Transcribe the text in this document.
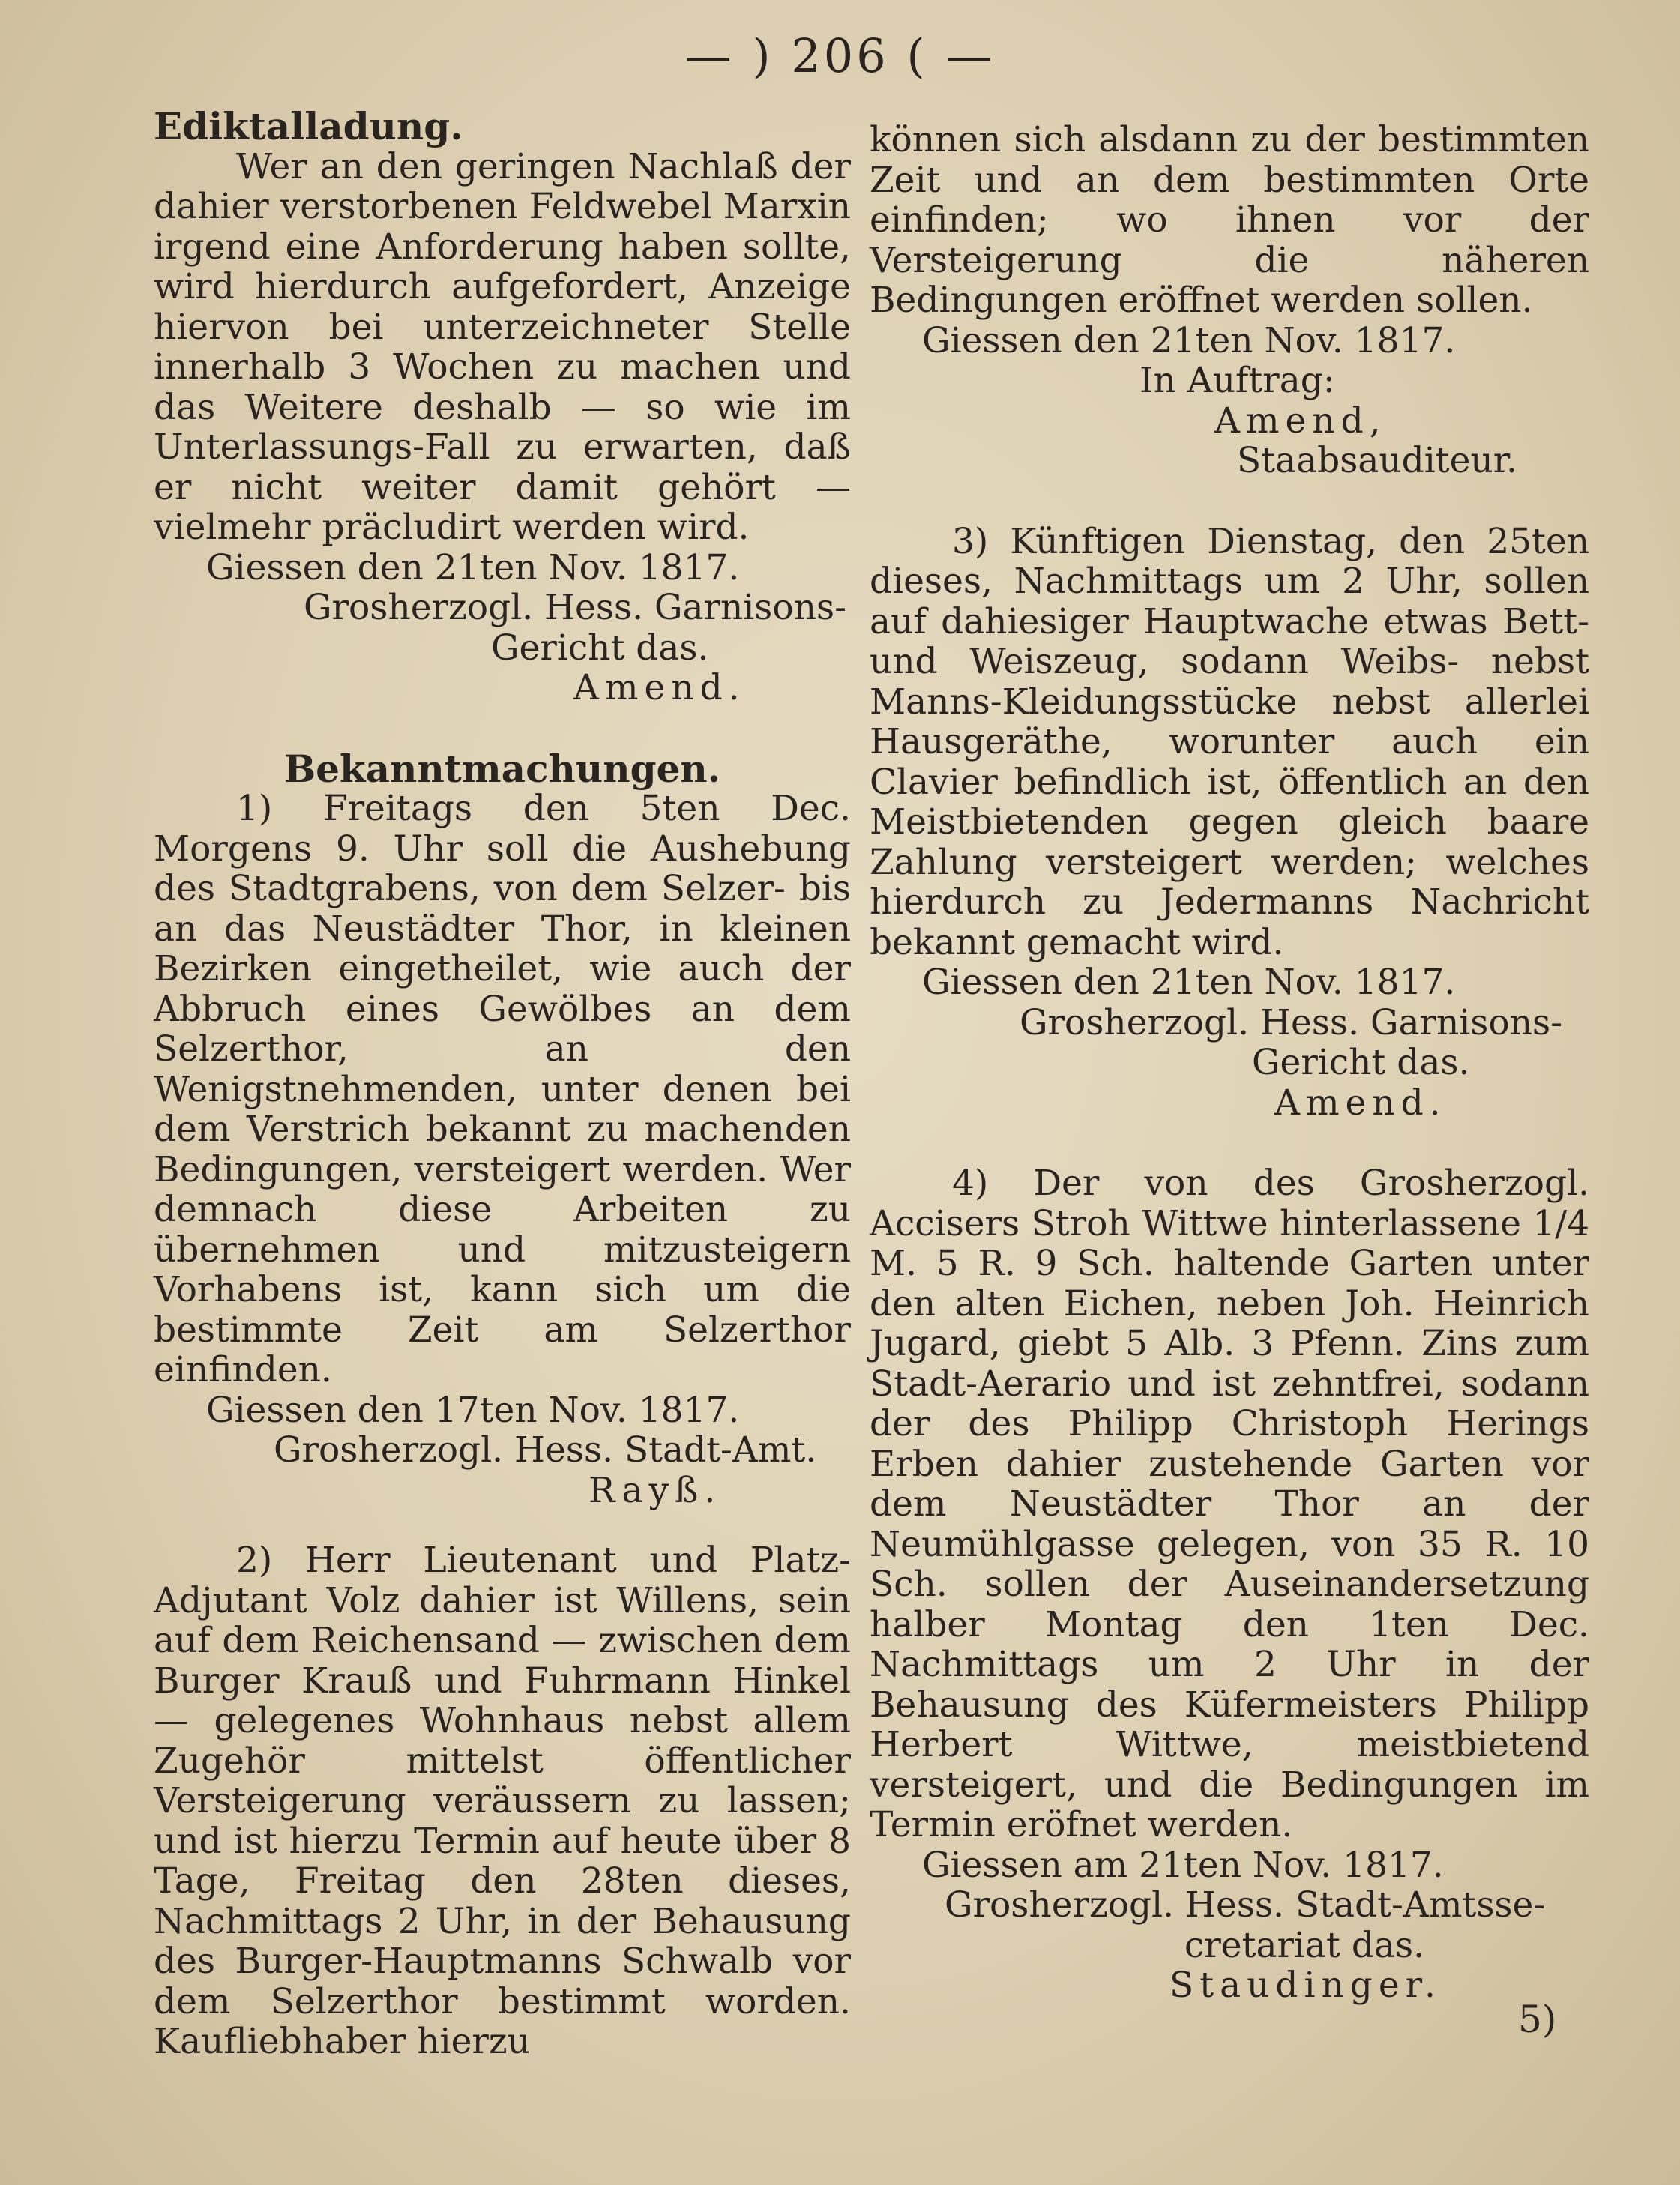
— ) 206 ( —

Ediktalladung.

Wer an den geringen Nachlaß der dahier verstorbenen Feldwebel Marxin irgend eine Anforderung haben sollte, wird hierdurch aufgefordert, Anzeige hiervon bei unterzeichneter Stelle innerhalb 3 Wochen zu machen und das Weitere deshalb — so wie im Unterlassungs-Fall zu erwarten, daß er nicht weiter damit gehört — vielmehr präcludirt werden wird.

Giessen den 21ten Nov. 1817.

Grosherzogl. Hess. Garnisons-

Gericht das.

Amend.

Bekanntmachungen.

1) Freitags den 5ten Dec. Morgens 9. Uhr soll die Aushebung des Stadtgrabens, von dem Selzer- bis an das Neustädter Thor, in kleinen Bezirken eingetheilet, wie auch der Abbruch eines Gewölbes an dem Selzerthor, an den Wenigstnehmenden, unter denen bei dem Verstrich bekannt zu machenden Bedingungen, versteigert werden. Wer demnach diese Arbeiten zu übernehmen und mitzusteigern Vorhabens ist, kann sich um die bestimmte Zeit am Selzerthor einfinden.

Giessen den 17ten Nov. 1817.

Grosherzogl. Hess. Stadt-Amt.

Rayß.

2) Herr Lieutenant und Platz-Adjutant Volz dahier ist Willens, sein auf dem Reichensand — zwischen dem Burger Krauß und Fuhrmann Hinkel — gelegenes Wohnhaus nebst allem Zugehör mittelst öffentlicher Versteigerung veräussern zu lassen; und ist hierzu Termin auf heute über 8 Tage, Freitag den 28ten dieses, Nachmittags 2 Uhr, in der Behausung des Burger-Hauptmanns Schwalb vor dem Selzerthor bestimmt worden. Kaufliebhaber hierzu

können sich alsdann zu der bestimmten Zeit und an dem bestimmten Orte einfinden; wo ihnen vor der Versteigerung die näheren Bedingungen eröffnet werden sollen.

Giessen den 21ten Nov. 1817.

In Auftrag:

Amend,

Staabsauditeur.

3) Künftigen Dienstag, den 25ten dieses, Nachmittags um 2 Uhr, sollen auf dahiesiger Hauptwache etwas Bett- und Weiszeug, sodann Weibs- nebst Manns-Kleidungsstücke nebst allerlei Hausgeräthe, worunter auch ein Clavier befindlich ist, öffentlich an den Meistbietenden gegen gleich baare Zahlung versteigert werden; welches hierdurch zu Jedermanns Nachricht bekannt gemacht wird.

Giessen den 21ten Nov. 1817.

Grosherzogl. Hess. Garnisons-

Gericht das.

Amend.

4) Der von des Grosherzogl. Accisers Stroh Wittwe hinterlassene 1/4 M. 5 R. 9 Sch. haltende Garten unter den alten Eichen, neben Joh. Heinrich Jugard, giebt 5 Alb. 3 Pfenn. Zins zum Stadt-Aerario und ist zehntfrei, sodann der des Philipp Christoph Herings Erben dahier zustehende Garten vor dem Neustädter Thor an der Neumühlgasse gelegen, von 35 R. 10 Sch. sollen der Auseinandersetzung halber Montag den 1ten Dec. Nachmittags um 2 Uhr in der Behausung des Küfermeisters Philipp Herbert Wittwe, meistbietend versteigert, und die Bedingungen im Termin eröfnet werden.

Giessen am 21ten Nov. 1817.

Grosherzogl. Hess. Stadt-Amtsse-

cretariat das.

Staudinger.

5)
